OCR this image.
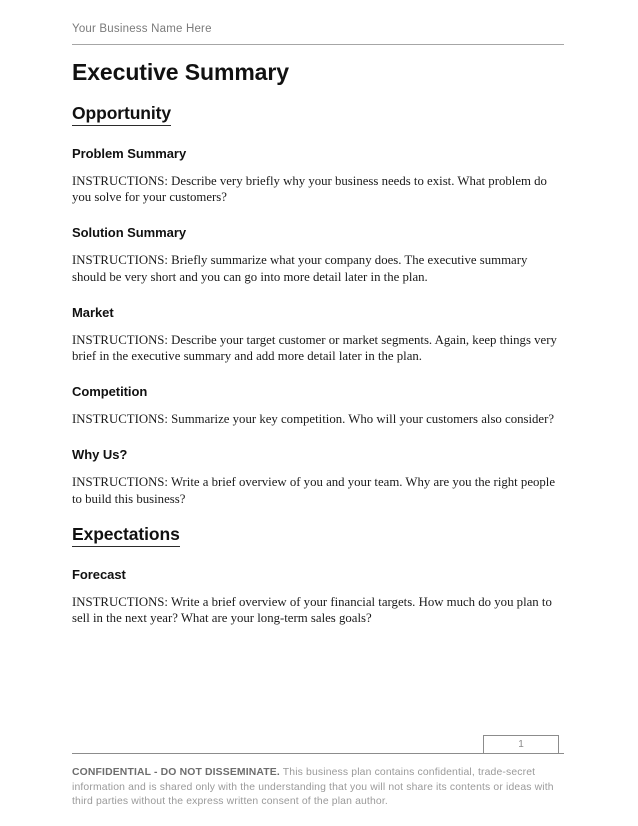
Your Business Name Here
Executive Summary
Opportunity
Problem Summary

INSTRUCTIONS: Describe very briefly why your business needs to exist. What problem do you solve for your customers?

Solution Summary

INSTRUCTIONS: Briefly summarize what your company does. The executive summary should be very short and you can go into more detail later in the plan.

Market

INSTRUCTIONS: Describe your target customer or market segments. Again, keep things very brief in the executive summary and add more detail later in the plan.

Competition

INSTRUCTIONS: Summarize your key competition. Who will your customers also consider?

Why Us?

INSTRUCTIONS: Write a brief overview of you and your team. Why are you the right people to build this business?

Expectations
Forecast

INSTRUCTIONS: Write a brief overview of your financial targets. How much do you plan to sell in the next year? What are your long-term sales goals?

1
CONFIDENTIAL - DO NOT DISSEMINATE. This business plan contains confidential, trade-secret information and is shared only with the understanding that you will not share its contents or ideas with third parties without the express written consent of the plan author.
